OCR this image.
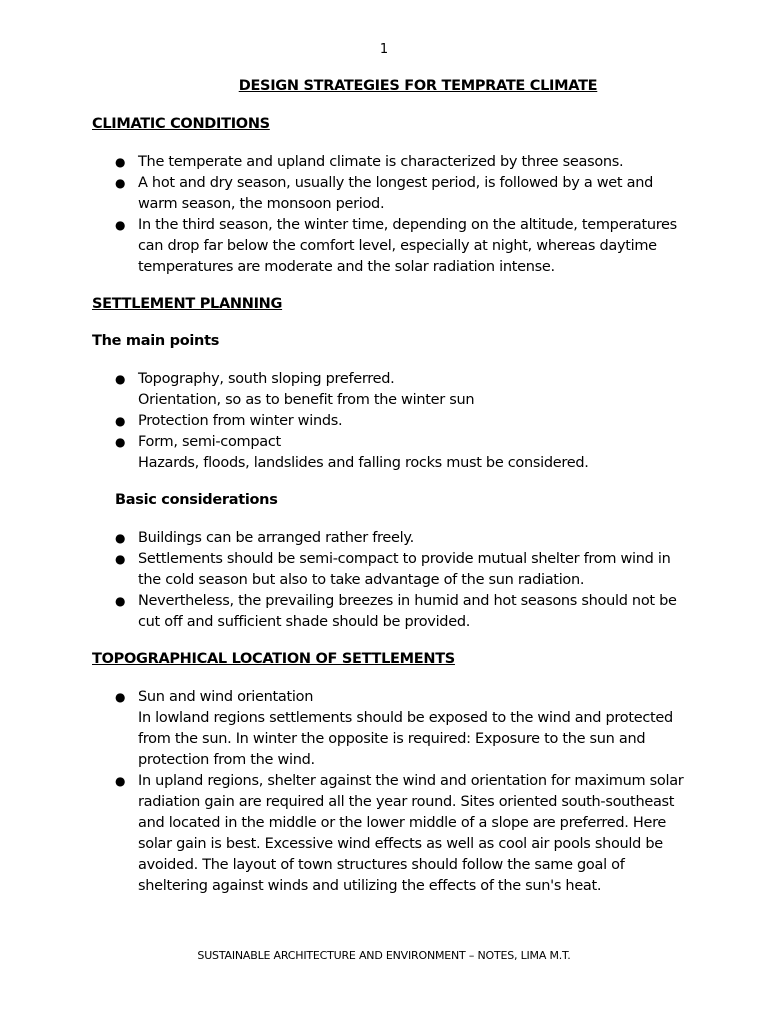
1
DESIGN STRATEGIES FOR TEMPRATE CLIMATE
CLIMATIC CONDITIONS
● The temperate and upland climate is characterized by three seasons.
● A hot and dry season, usually the longest period, is followed by a wet and
warm season, the monsoon period.
● In the third season, the winter time, depending on the altitude, temperatures
can drop far below the comfort level, especially at night, whereas daytime
temperatures are moderate and the solar radiation intense.
SETTLEMENT PLANNING
The main points
● Topography, south sloping preferred.
Orientation, so as to benefit from the winter sun
● Protection from winter winds.
● Form, semi-compact
Hazards, floods, landslides and falling rocks must be considered.
Basic considerations
● Buildings can be arranged rather freely.
● Settlements should be semi-compact to provide mutual shelter from wind in
the cold season but also to take advantage of the sun radiation.
● Nevertheless, the prevailing breezes in humid and hot seasons should not be
cut off and sufficient shade should be provided.
TOPOGRAPHICAL LOCATION OF SETTLEMENTS
● Sun and wind orientation
In lowland regions settlements should be exposed to the wind and protected
from the sun. In winter the opposite is required: Exposure to the sun and
protection from the wind.
● In upland regions, shelter against the wind and orientation for maximum solar
radiation gain are required all the year round. Sites oriented south-southeast
and located in the middle or the lower middle of a slope are preferred. Here
solar gain is best. Excessive wind effects as well as cool air pools should be
avoided. The layout of town structures should follow the same goal of
sheltering against winds and utilizing the effects of the sun's heat.
SUSTAINABLE ARCHITECTURE AND ENVIRONMENT – NOTES, LIMA M.T.
